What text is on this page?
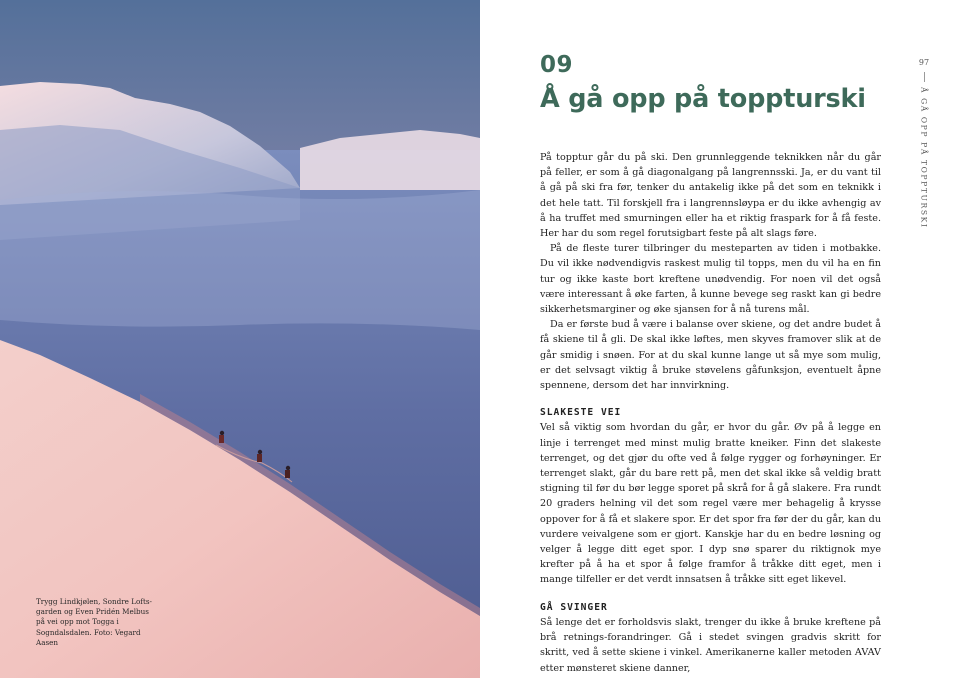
Trygg Lindkjølen, Sondre Lofts-garden og Even Pridén Melbus på vei opp mot Togga i Sogndalsdalen. Foto: Vegard Aasen
09
Å gå opp på toppturski

På topptur går du på ski. Den grunnleggende teknikken når du går på feller, er som å gå diagonalgang på langrennsski. Ja, er du vant til å gå på ski fra før, tenker du antakelig ikke på det som en teknikk i det hele tatt. Til forskjell fra i langrennsløypa er du ikke avhengig av å ha truffet med smurningen eller ha et riktig fraspark for å få feste. Her har du som regel forutsigbart feste på alt slags føre.

På de fleste turer tilbringer du mesteparten av tiden i motbakke. Du vil ikke nødvendigvis raskest mulig til topps, men du vil ha en fin tur og ikke kaste bort kreftene unødvendig. For noen vil det også være interessant å øke farten, å kunne bevege seg raskt kan gi bedre sikkerhetsmarginer og øke sjansen for å nå turens mål.

Da er første bud å være i balanse over skiene, og det andre budet å få skiene til å gli. De skal ikke løftes, men skyves framover slik at de går smidig i snøen. For at du skal kunne lange ut så mye som mulig, er det selvsagt viktig å bruke støvelens gåfunksjon, eventuelt åpne spennene, dersom det har innvirkning.

SLAKESTE VEI

Vel så viktig som hvordan du går, er hvor du går. Øv på å legge en linje i terrenget med minst mulig bratte kneiker. Finn det slakeste terrenget, og det gjør du ofte ved å følge rygger og forhøyninger. Er terrenget slakt, går du bare rett på, men det skal ikke så veldig bratt stigning til før du bør legge sporet på skrå for å gå slakere. Fra rundt 20 graders helning vil det som regel være mer behagelig å krysse oppover for å få et slakere spor. Er det spor fra før der du går, kan du vurdere veivalgene som er gjort. Kanskje har du en bedre løsning og velger å legge ditt eget spor. I dyp snø sparer du riktignok mye krefter på å ha et spor å følge framfor å tråkke ditt eget, men i mange tilfeller er det verdt innsatsen å tråkke sitt eget likevel.

GÅ SVINGER

Så lenge det er forholdsvis slakt, trenger du ikke å bruke kreftene på brå retnings-forandringer. Gå i stedet svingen gradvis skritt for skritt, ved å sette skiene i vinkel. Amerikanerne kaller metoden AVAV etter mønsteret skiene danner,

97
Å GÅ OPP PÅ TOPPTURSKI
